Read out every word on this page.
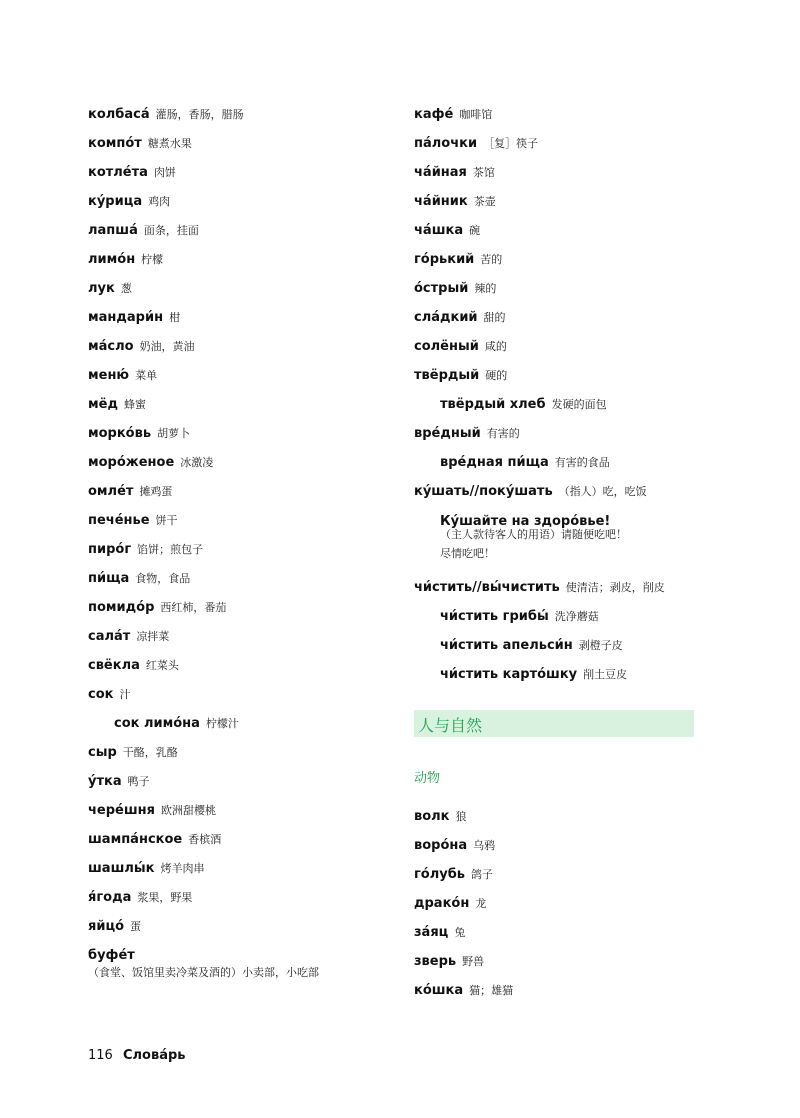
колбаса́ 灌肠，香肠，腊肠
компо́т 糖煮水果
котле́та 肉饼
ку́рица 鸡肉
лапша́ 面条，挂面
лимо́н 柠檬
лук 葱
мандари́н 柑
ма́сло 奶油，黄油
меню́ 菜单
мёд 蜂蜜
морко́вь 胡萝卜
моро́женое 冰激凌
омле́т 摊鸡蛋
пече́нье 饼干
пиро́г 馅饼；煎包子
пи́ща 食物，食品
помидо́р 西红柿，番茄
сала́т 凉拌菜
свёкла 红菜头
сок 汁
сок лимо́на 柠檬汁
сыр 干酪，乳酪
у́тка 鸭子
чере́шня 欧洲甜樱桃
шампа́нское 香槟酒
шашлы́к 烤羊肉串
я́года 浆果，野果
яйцо́ 蛋
буфе́т
（食堂、饭馆里卖冷菜及酒的）小卖部，小吃部
кафе́ 咖啡馆
па́лочки ［复］筷子
ча́йная 茶馆
ча́йник 茶壶
ча́шка 碗
го́рький 苦的
о́стрый 辣的
сла́дкий 甜的
солёный 咸的
твёрдый 硬的
твёрдый хлеб 发硬的面包
вре́дный 有害的
вре́дная пи́ща 有害的食品
ку́шать//поку́шать （指人）吃，吃饭
Ку́шайте на здоро́вье!
（主人款待客人的用语）请随便吃吧！
尽情吃吧！
чи́стить//вы́чистить 使清洁；剥皮，削皮
чи́стить грибы́ 洗净蘑菇
чи́стить апельси́н 剥橙子皮
чи́стить карто́шку 削土豆皮
人与自然
动物
волк 狼
воро́на 乌鸦
го́лубь 鸽子
драко́н 龙
за́яц 兔
зверь 野兽
ко́шка 猫；雄猫
116 Слова́рь
